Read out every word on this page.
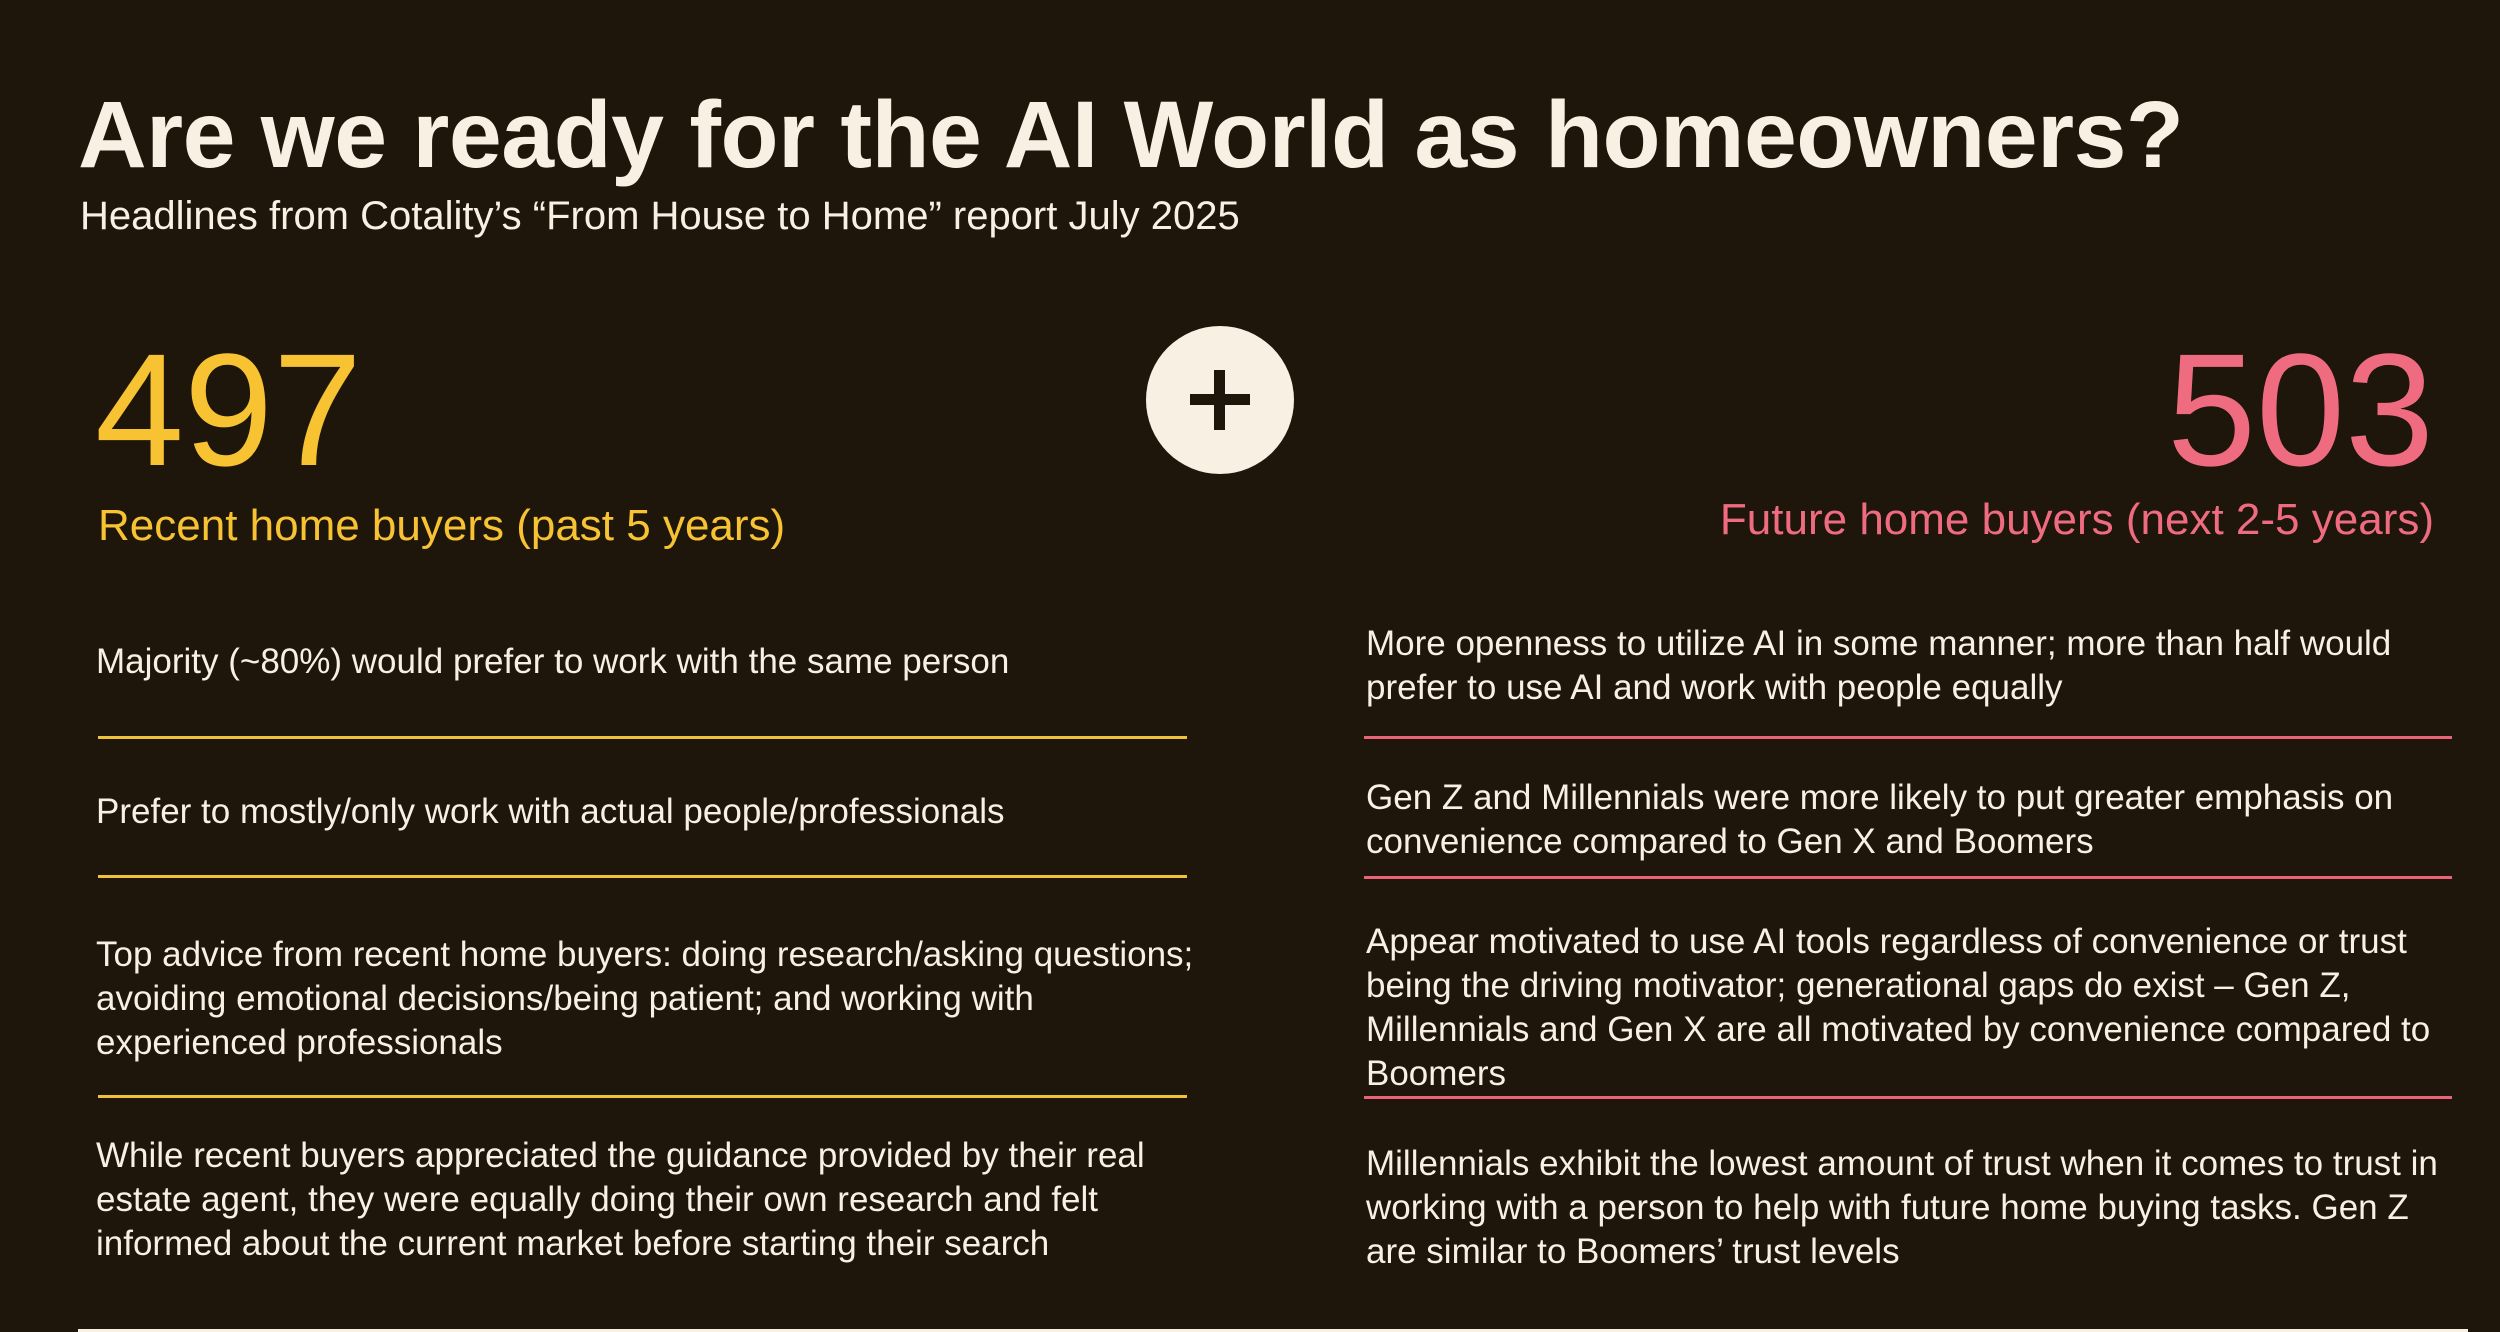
Are we ready for the AI World as homeowners?
Headlines from Cotality’s “From House to Home” report July 2025
497
Recent home buyers (past 5 years)
503
Future home buyers (next 2-5 years)
Majority (~80%) would prefer to work with the same person
Prefer to mostly/only work with actual people/professionals
Top advice from recent home buyers: doing research/asking questions; avoiding emotional decisions/being patient; and working with experienced professionals
While recent buyers appreciated the guidance provided by their real estate agent, they were equally doing their own research and felt informed about the current market before starting their search
More openness to utilize AI in some manner; more than half would prefer to use AI and work with people equally
Gen Z and Millennials were more likely to put greater emphasis on convenience compared to Gen X and Boomers
Appear motivated to use AI tools regardless of convenience or trust being the driving motivator; generational gaps do exist – Gen Z, Millennials and Gen X are all motivated by convenience compared to Boomers
Millennials exhibit the lowest amount of trust when it comes to trust in working with a person to help with future home buying tasks. Gen Z are similar to Boomers’ trust levels
